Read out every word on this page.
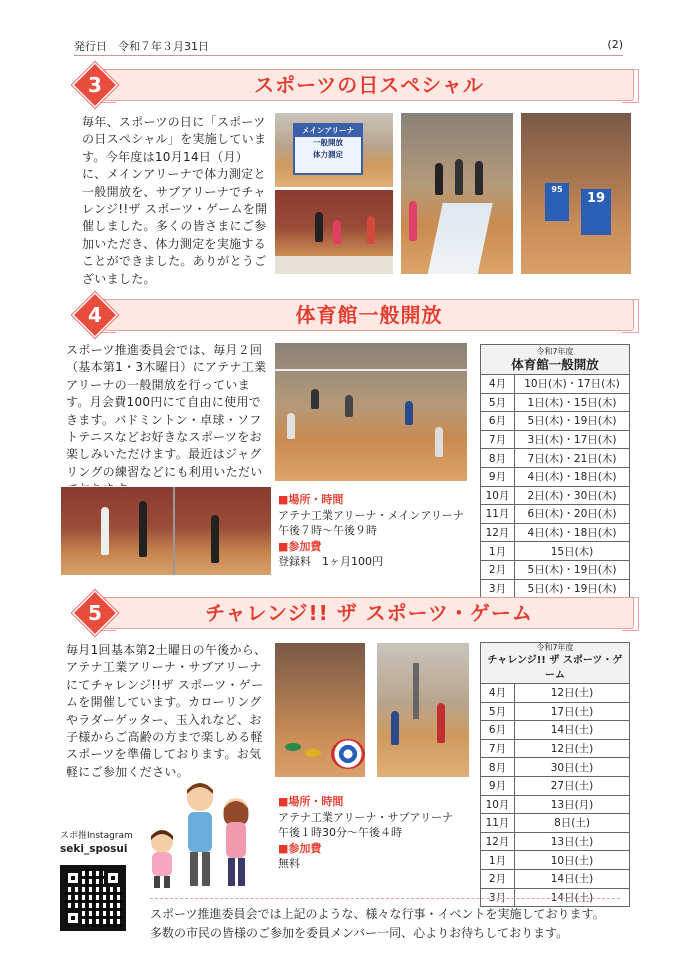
発行日　令和７年３月31日	(2)
3	スポーツの日スペシャル
毎年、スポーツの日に「スポーツの日スペシャル」を実施しています。今年度は10月14日（月）に、メインアリーナで体力測定と一般開放を、サブアリーナでチャレンジ!!ザ スポーツ・ゲームを開催しました。多くの皆さまにご参加いただき、体力測定を実施することができました。ありがとうございました。
メインアリーナ
一般開放
体力測定
95
19
4	体育館一般開放
スポーツ推進委員会では、毎月２回（基本第1・3木曜日）にアテナ工業アリーナの一般開放を行っています。月会費100円にて自由に使用できます。バドミントン・卓球・ソフトテニスなどお好きなスポーツをお楽しみいただけます。最近はジャグリングの練習などにも利用いただい
■場所・時間
アテナ工業アリーナ・メインアリーナ
午後７時〜午後９時
■参加費
登録料　1ヶ月100円
令和7年度
体育館一般開放	

4月	10日(木)・17日(木)
5月	1日(木)・15日(木)
6月	5日(木)・19日(木)
7月	3日(木)・17日(木)
8月	7日(木)・21日(木)
9月	4日(木)・18日(木)
10月	2日(木)・30日(木)
11月	6日(木)・20日(木)
12月	4日(木)・18日(木)
1月	15日(木)
2月	5日(木)・19日(木)
3月	5日(木)・19日(木)
5	チャレンジ!! ザ スポーツ・ゲーム
毎月1回基本第2土曜日の午後から、アテナ工業アリーナ・サブアリーナにてチャレンジ!!ザ スポーツ・ゲームを開催しています。カローリングやラダーゲッター、玉入れなど、お子様からご高齢の方まで楽しめる軽スポーツを準備しております。お気軽にご参加ください。
■場所・時間
アテナ工業アリーナ・サブアリーナ
午後１時30分〜午後４時
■参加費
無料
令和7年度
チャレンジ!! ザ スポーツ・ゲーム	

4月	12日(土)
5月	17日(土)
6月	14日(土)
7月	12日(土)
8月	30日(土)
9月	27日(土)
10月	13日(月)
11月	8日(土)
12月	13日(土)
1月	10日(土)
2月	14日(土)
3月	14日(土)
スポ推Instagram
seki_sposui
スポーツ推進委員会では上記のような、様々な行事・イベントを実施しております。
多数の市民の皆様のご参加を委員メンバー一同、心よりお待ちしております。
